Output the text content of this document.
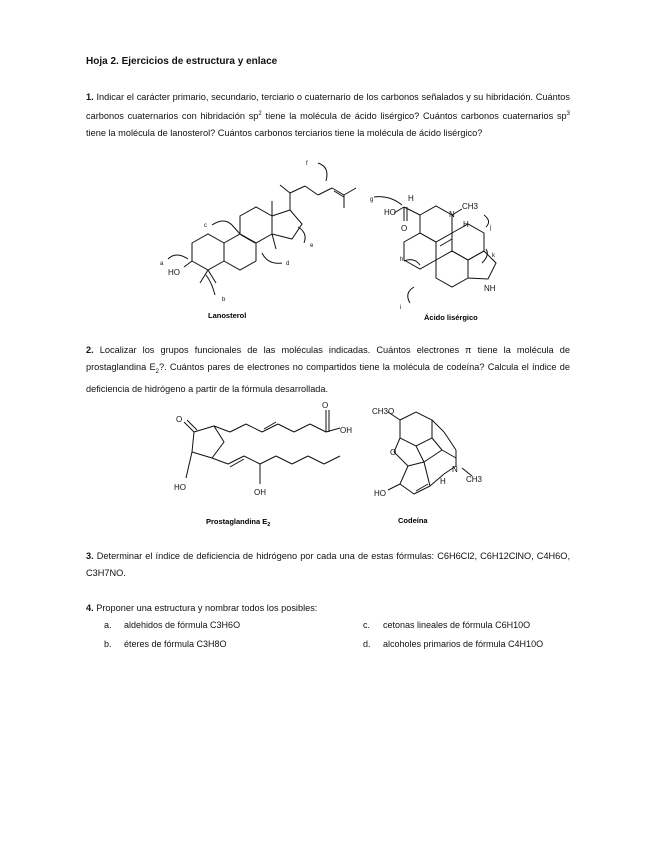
Hoja 2. Ejercicios de estructura y enlace
1. Indicar el carácter primario, secundario, terciario o cuaternario de los carbonos señalados y su hibridación. Cuántos carbonos cuaternarios con hibridación $sp^2$ tiene la molécula de ácido lisérgico? Cuántos carbonos cuaternarios $sp^3$ tiene la molécula de lanosterol? Cuántos carbonos terciarios tiene la molécula de ácido lisérgico?
HO
H
HO
O
N
CH3
H
NH
a
b
c
d
e
f
g
h
i
j
k
Lanosterol	Ácido lisérgico
2. Localizar los grupos funcionales de las moléculas indicadas. Cuántos electrones π tiene la molécula de prostaglandina $E_2$?. Cuántos pares de electrones no compartidos tiene la molécula de codeína? Calcula el índice de deficiencia de hidrógeno a partir de la fórmula desarrollada.
O
OH
O
HO
OH
CH3O
O
N
CH3
H
HO
Prostaglandina $E_2$	Codeína
3. Determinar el índice de deficiencia de hidrógeno por cada una de estas fórmulas: C6H6Cl2, C6H12ClNO, C4H6O, C3H7NO.
4. Proponer una estructura y nombrar todos los posibles:
a. aldehidos de fórmula C3H6O
b. éteres de fórmula C3H8O
c. cetonas lineales de fórmula C6H10O
d. alcoholes primarios de fórmula C4H10O
